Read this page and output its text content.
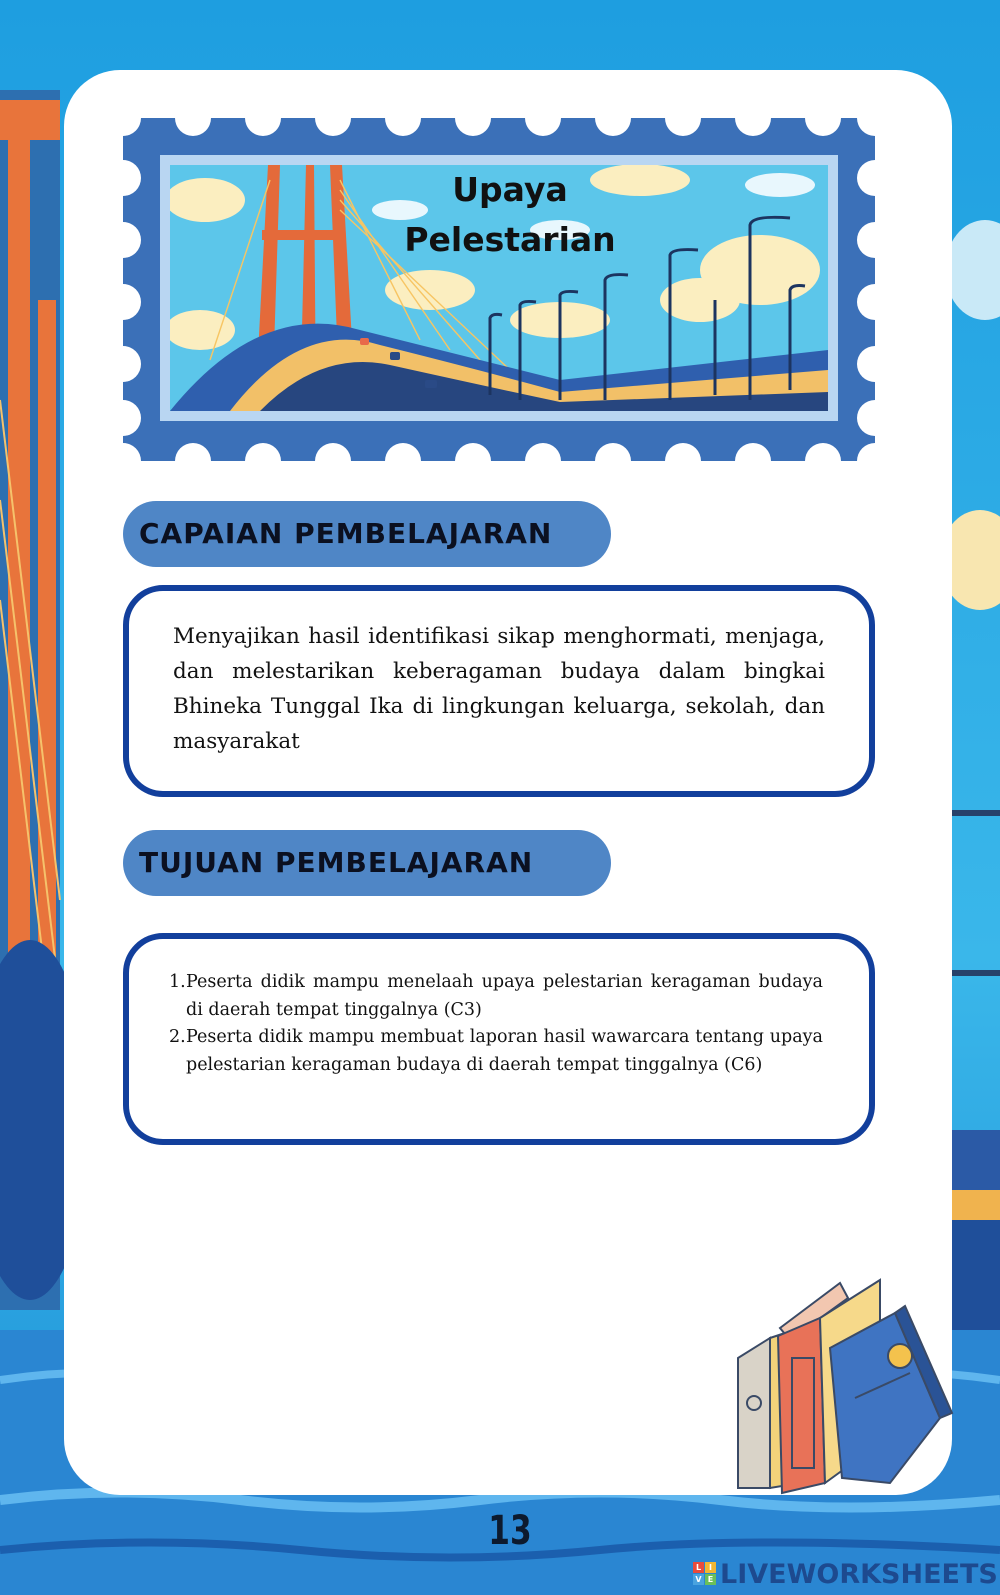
Upaya
Pelestarian
CAPAIAN PEMBELAJARAN
Menyajikan hasil identifikasi sikap menghormati, menjaga, dan melestarikan keberagaman budaya dalam bingkai Bhineka Tunggal Ika di lingkungan keluarga, sekolah, dan masyarakat
TUJUAN PEMBELAJARAN
1. Peserta didik mampu menelaah upaya pelestarian keragaman budaya di daerah tempat tinggalnya (C3)
2. Peserta didik mampu membuat laporan hasil wawarcara tentang upaya pelestarian keragaman budaya di daerah tempat tinggalnya (C6)
13
L I
V E LIVEWORKSHEETS
